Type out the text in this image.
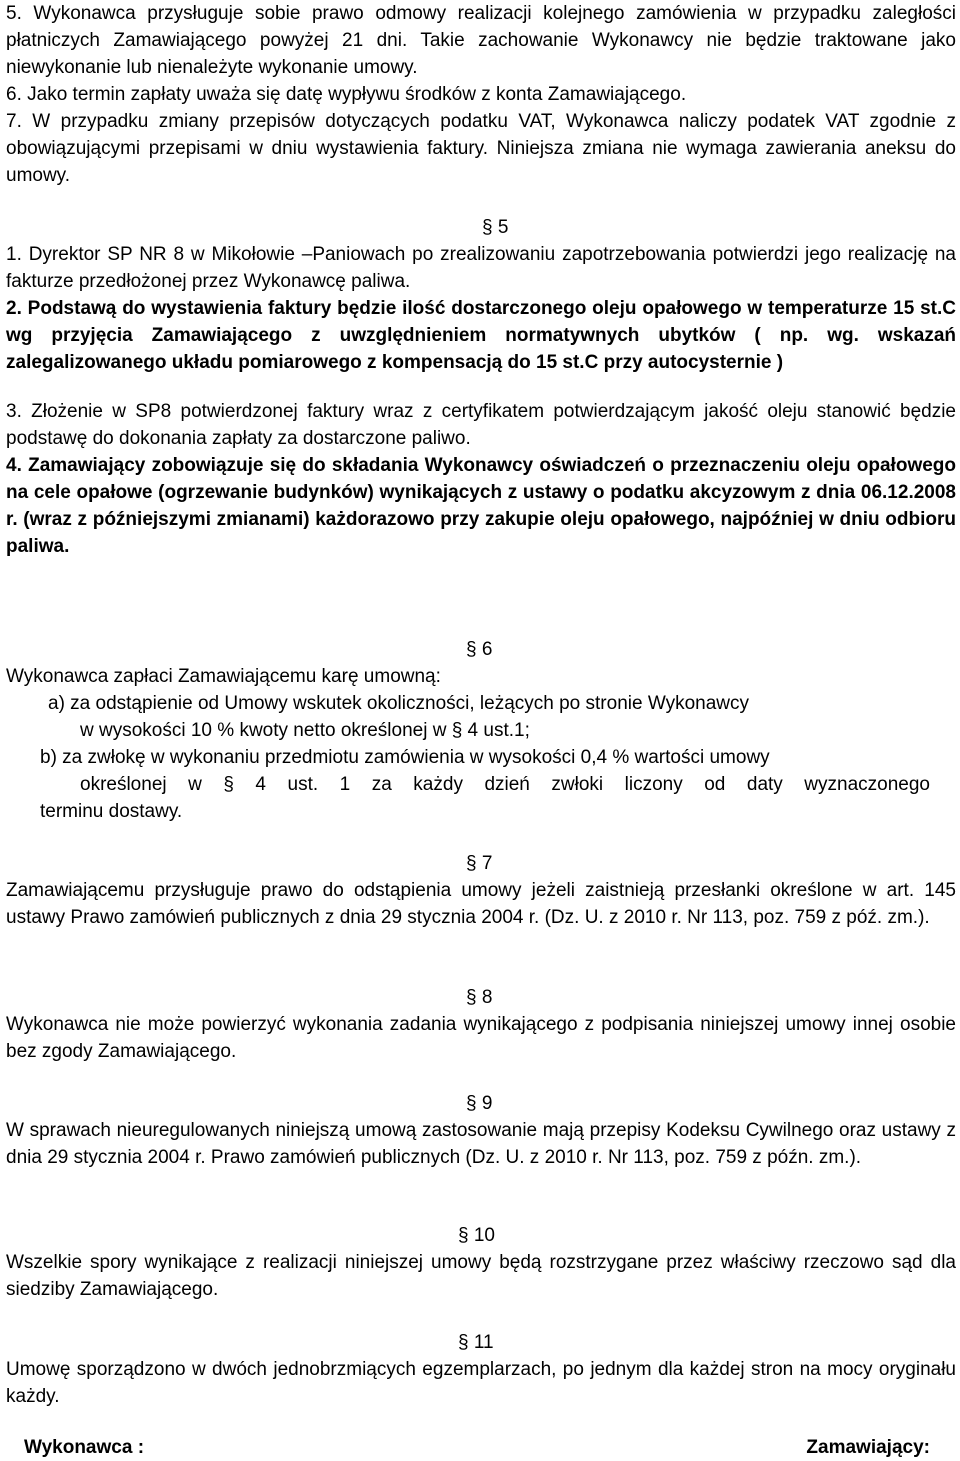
5. Wykonawca przysługuje sobie prawo odmowy realizacji kolejnego zamówienia w przypadku zaległości płatniczych Zamawiającego powyżej 21 dni. Takie zachowanie Wykonawcy nie będzie traktowane jako niewykonanie lub nienależyte wykonanie umowy.

6. Jako termin zapłaty uważa się datę wypływu środków z konta Zamawiającego.

7. W przypadku zmiany przepisów dotyczących podatku VAT, Wykonawca naliczy podatek VAT zgodnie z obowiązującymi przepisami w dniu wystawienia faktury. Niniejsza zmiana nie wymaga zawierania aneksu do umowy.

§ 5

1. Dyrektor SP NR 8 w Mikołowie –Paniowach po zrealizowaniu zapotrzebowania potwierdzi jego realizację na fakturze przedłożonej przez Wykonawcę paliwa.

2. Podstawą do wystawienia faktury będzie ilość dostarczonego oleju opałowego w temperaturze 15 st.C wg przyjęcia Zamawiającego z uwzględnieniem normatywnych ubytków ( np. wg. wskazań zalegalizowanego układu pomiarowego z kompensacją do 15 st.C przy autocysternie )

3. Złożenie w SP8 potwierdzonej faktury wraz z certyfikatem potwierdzającym jakość oleju stanowić będzie podstawę do dokonania zapłaty za dostarczone paliwo.

4. Zamawiający zobowiązuje się do składania Wykonawcy oświadczeń o przeznaczeniu oleju opałowego na cele opałowe (ogrzewanie budynków) wynikających z ustawy o podatku akcyzowym z dnia 06.12.2008 r. (wraz z późniejszymi zmianami) każdorazowo przy zakupie oleju opałowego, najpóźniej w dniu odbioru paliwa.

§ 6

Wykonawca zapłaci Zamawiającemu karę umowną:

a) za odstąpienie od Umowy wskutek okoliczności, leżących po stronie Wykonawcy

w wysokości 10 % kwoty netto określonej w § 4 ust.1;

b) za zwłokę w wykonaniu przedmiotu zamówienia w wysokości 0,4 % wartości umowy

określonej w § 4 ust. 1 za każdy dzień zwłoki liczony od daty wyznaczonego

terminu dostawy.

§ 7

Zamawiającemu przysługuje prawo do odstąpienia umowy jeżeli zaistnieją przesłanki określone w art. 145 ustawy Prawo zamówień publicznych z dnia 29 stycznia 2004 r. (Dz. U. z 2010 r. Nr 113, poz. 759 z póź. zm.).

§ 8

Wykonawca nie może powierzyć wykonania zadania wynikającego z podpisania niniejszej umowy innej osobie bez zgody Zamawiającego.

§ 9

W sprawach nieuregulowanych niniejszą umową zastosowanie mają przepisy Kodeksu Cywilnego oraz ustawy z dnia 29 stycznia 2004 r. Prawo zamówień publicznych (Dz. U. z 2010 r. Nr 113, poz. 759 z późn. zm.).

§ 10

Wszelkie spory wynikające z realizacji niniejszej umowy będą rozstrzygane przez właściwy rzeczowo sąd dla siedziby Zamawiającego.

§ 11

Umowę sporządzono w dwóch jednobrzmiących egzemplarzach, po jednym dla każdej stron na mocy oryginału każdy.

Wykonawca :	Zamawiający:
